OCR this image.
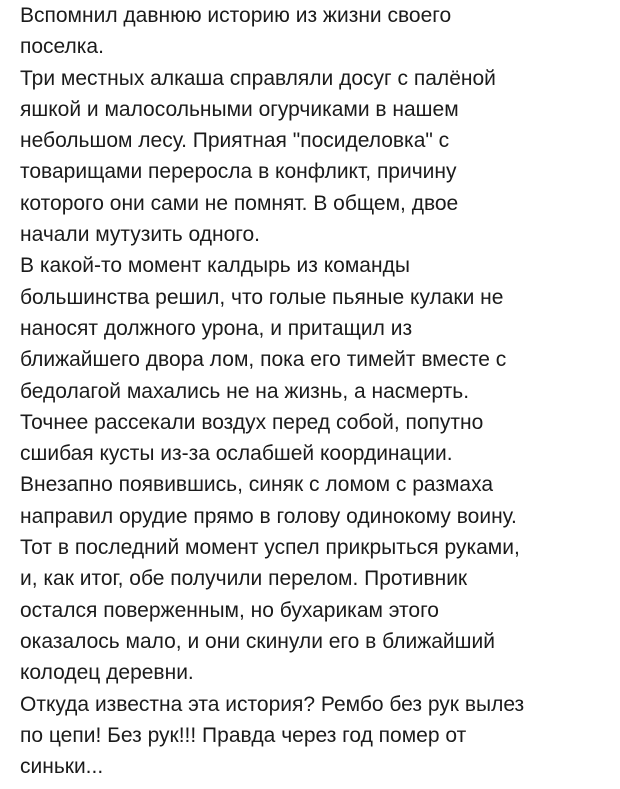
Вспомнил давнюю историю из жизни своего
поселка.

Три местных алкаша справляли досуг с палёной
яшкой и малосольными огурчиками в нашем
небольшом лесу. Приятная "посиделовка" с
товарищами переросла в конфликт, причину
которого они сами не помнят. В общем, двое
начали мутузить одного.

В какой-то момент калдырь из команды
большинства решил, что голые пьяные кулаки не
наносят должного урона, и притащил из
ближайшего двора лом, пока его тимейт вместе с
бедолагой махались не на жизнь, а насмерть.
Точнее рассекали воздух перед собой, попутно
сшибая кусты из-за ослабшей координации.

Внезапно появившись, синяк с ломом с размаха
направил орудие прямо в голову одинокому воину.
Тот в последний момент успел прикрыться руками,
и, как итог, обе получили перелом. Противник
остался поверженным, но бухарикам этого
оказалось мало, и они скинули его в ближайший
колодец деревни.

Откуда известна эта история? Рембо без рук вылез
по цепи! Без рук!!! Правда через год помер от
синьки...
